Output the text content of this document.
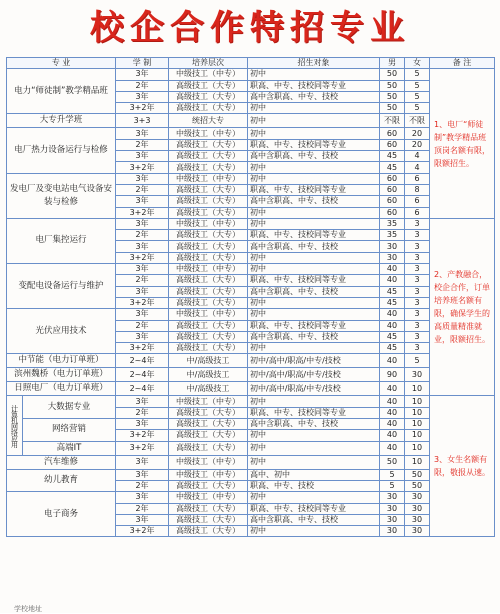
校企合作特招专业
专 业		学 制	培养层次	招生对象	男	女	备 注
电力“师徒制”教学精品班		3年	中级技工（中专）	初中	50	5	1、电厂“师徒制”教学精品班顶岗名额有限，限额招生。
		2年	高级技工（大专）	职高、中专、技校同等专业	50	5	
		3年	高级技工（大专）	高中含职高、中专、技校	50	5	
		3+2年	高级技工（大专）	初中	50	5	
大专升学班		3+3	统招大专	初中	不限	不限	
电厂热力设备运行与检修		3年	中级技工（中专）	初中	60	20	
		2年	高级技工（大专）	职高、中专、技校同等专业	60	20	
		3年	高级技工（大专）	高中含职高、中专、技校	45	4	
		3+2年	高级技工（大专）	初中	45	4	
发电厂及变电站电气设备安装与检修		3年	中级技工（中专）	初中	60	6	
		2年	高级技工（大专）	职高、中专、技校同等专业	60	8	
		3年	高级技工（大专）	高中含职高、中专、技校	60	6	
		3+2年	高级技工（大专）	初中	60	6	
电厂集控运行		3年	中级技工（中专）	初中	35	3	2、产教融合，校企合作，订单培养班名额有限，确保学生的高质量精准就业，限额招生。
		2年	高级技工（大专）	职高、中专、技校同等专业	35	3	
		3年	高级技工（大专）	高中含职高、中专、技校	30	3	
		3+2年	高级技工（大专）	初中	30	3	
变配电设备运行与维护		3年	中级技工（中专）	初中	40	3	
		2年	高级技工（大专）	职高、中专、技校同等专业	40	3	
		3年	高级技工（大专）	高中含职高、中专、技校	45	3	
		3+2年	高级技工（大专）	初中	45	3	
光伏应用技术		3年	中级技工（中专）	初中	40	3	
		2年	高级技工（大专）	职高、中专、技校同等专业	40	3	
		3年	高级技工（大专）	高中含职高、中专、技校	45	3	
		3+2年	高级技工（大专）	初中	45	3	
中节能（电力订单班）		2~4年	中/高级技工	初中/高中/职高/中专/技校	40	5	
滨州魏桥（电力订单班）		2~4年	中/高级技工	初中/高中/职高/中专/技校	90	30	
日照电厂（电力订单班）		2~4年	中/高级技工	初中/高中/职高/中专/技校	40	10	
计算机网络应用	大数据专业	3年	中级技工（中专）	初中	40	10	3、女生名额有限，敬报从速。
		2年	高级技工（大专）	职高、中专、技校同等专业	40	10	
	网络营销	3年	高级技工（大专）	高中含职高、中专、技校	40	10	
		3+2年	高级技工（大专）	初中	40	10	
	高端IT	3+2年	高级技工（大专）	初中	40	10	
汽车维修		3年	中级技工（中专）	初中	50	10	
幼儿教育		3年	中级技工（中专）	高中、初中	5	50	
		2年	高级技工（大专）	职高、中专、技校	5	50	
电子商务		3年	中级技工（中专）	初中	30	30	
		2年	高级技工（大专）	职高、中专、技校同等专业	30	30	
		3年	高级技工（大专）	高中含职高、中专、技校	30	30	
		3+2年	高级技工（大专）	初中	30	30	
学校地址
